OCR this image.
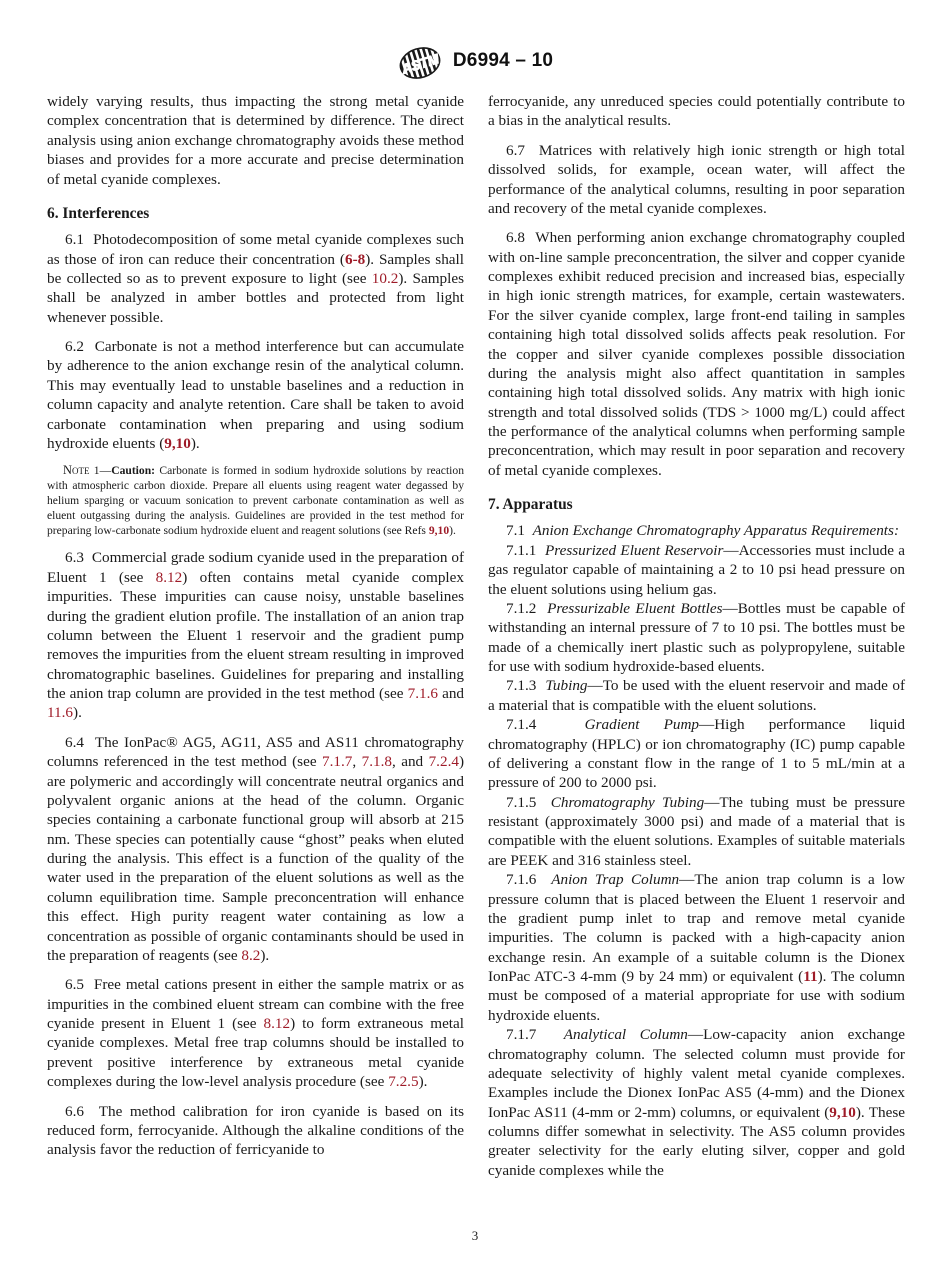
ASTM D6994 – 10

widely varying results, thus impacting the strong metal cyanide complex concentration that is determined by difference. The direct analysis using anion exchange chromatography avoids these method biases and provides for a more accurate and precise determination of metal cyanide complexes.

6. Interferences

6.1 Photodecomposition of some metal cyanide complexes such as those of iron can reduce their concentration (6-8). Samples shall be collected so as to prevent exposure to light (see 10.2). Samples shall be analyzed in amber bottles and protected from light whenever possible.

6.2 Carbonate is not a method interference but can accumulate by adherence to the anion exchange resin of the analytical column. This may eventually lead to unstable baselines and a reduction in column capacity and analyte retention. Care shall be taken to avoid carbonate contamination when preparing and using sodium hydroxide eluents (9,10).

Note 1—Caution: Carbonate is formed in sodium hydroxide solutions by reaction with atmospheric carbon dioxide. Prepare all eluents using reagent water degassed by helium sparging or vacuum sonication to prevent carbonate contamination as well as eluent outgassing during the analysis. Guidelines are provided in the test method for preparing low-carbonate sodium hydroxide eluent and reagent solutions (see Refs 9,10).

6.3 Commercial grade sodium cyanide used in the preparation of Eluent 1 (see 8.12) often contains metal cyanide complex impurities. These impurities can cause noisy, unstable baselines during the gradient elution profile. The installation of an anion trap column between the Eluent 1 reservoir and the gradient pump removes the impurities from the eluent stream resulting in improved chromatographic baselines. Guidelines for preparing and installing the anion trap column are provided in the test method (see 7.1.6 and 11.6).

6.4 The IonPac® AG5, AG11, AS5 and AS11 chromatography columns referenced in the test method (see 7.1.7, 7.1.8, and 7.2.4) are polymeric and accordingly will concentrate neutral organics and polyvalent organic anions at the head of the column. Organic species containing a carbonate functional group will absorb at 215 nm. These species can potentially cause “ghost” peaks when eluted during the analysis. This effect is a function of the quality of the water used in the preparation of the eluent solutions as well as the column equilibration time. Sample preconcentration will enhance this effect. High purity reagent water containing as low a concentration as possible of organic contaminants should be used in the preparation of reagents (see 8.2).

6.5 Free metal cations present in either the sample matrix or as impurities in the combined eluent stream can combine with the free cyanide present in Eluent 1 (see 8.12) to form extraneous metal cyanide complexes. Metal free trap columns should be installed to prevent positive interference by extraneous metal cyanide complexes during the low-level analysis procedure (see 7.2.5).

6.6 The method calibration for iron cyanide is based on its reduced form, ferrocyanide. Although the alkaline conditions of the analysis favor the reduction of ferricyanide to

ferrocyanide, any unreduced species could potentially contribute to a bias in the analytical results.

6.7 Matrices with relatively high ionic strength or high total dissolved solids, for example, ocean water, will affect the performance of the analytical columns, resulting in poor separation and recovery of the metal cyanide complexes.

6.8 When performing anion exchange chromatography coupled with on-line sample preconcentration, the silver and copper cyanide complexes exhibit reduced precision and increased bias, especially in high ionic strength matrices, for example, certain wastewaters. For the silver cyanide complex, large front-end tailing in samples containing high total dissolved solids affects peak resolution. For the copper and silver cyanide complexes possible dissociation during the analysis might also affect quantitation in samples containing high total dissolved solids. Any matrix with high ionic strength and total dissolved solids (TDS > 1000 mg/L) could affect the performance of the analytical columns when performing sample preconcentration, which may result in poor separation and recovery of metal cyanide complexes.

7. Apparatus

7.1 Anion Exchange Chromatography Apparatus Requirements:

7.1.1 Pressurized Eluent Reservoir—Accessories must include a gas regulator capable of maintaining a 2 to 10 psi head pressure on the eluent solutions using helium gas.

7.1.2 Pressurizable Eluent Bottles—Bottles must be capable of withstanding an internal pressure of 7 to 10 psi. The bottles must be made of a chemically inert plastic such as polypropylene, suitable for use with sodium hydroxide-based eluents.

7.1.3 Tubing—To be used with the eluent reservoir and made of a material that is compatible with the eluent solutions.

7.1.4	Gradient Pump—High performance liquid chromatography (HPLC) or ion chromatography (IC) pump capable of delivering a constant flow in the range of 1 to 5 mL/min at a pressure of 200 to 2000 psi.

7.1.5 Chromatography Tubing—The tubing must be pressure resistant (approximately 3000 psi) and made of a material that is compatible with the eluent solutions. Examples of suitable materials are PEEK and 316 stainless steel.

7.1.6 Anion Trap Column—The anion trap column is a low pressure column that is placed between the Eluent 1 reservoir and the gradient pump inlet to trap and remove metal cyanide impurities. The column is packed with a high-capacity anion exchange resin. An example of a suitable column is the Dionex IonPac ATC-3 4-mm (9 by 24 mm) or equivalent (11). The column must be composed of a material appropriate for use with sodium hydroxide eluents.

7.1.7 Analytical Column—Low-capacity anion exchange chromatography column. The selected column must provide for adequate selectivity of highly valent metal cyanide complexes. Examples include the Dionex IonPac AS5 (4-mm) and the Dionex IonPac AS11 (4-mm or 2-mm) columns, or equivalent (9,10). These columns differ somewhat in selectivity. The AS5 column provides greater selectivity for the early eluting silver, copper and gold cyanide complexes while the

3
